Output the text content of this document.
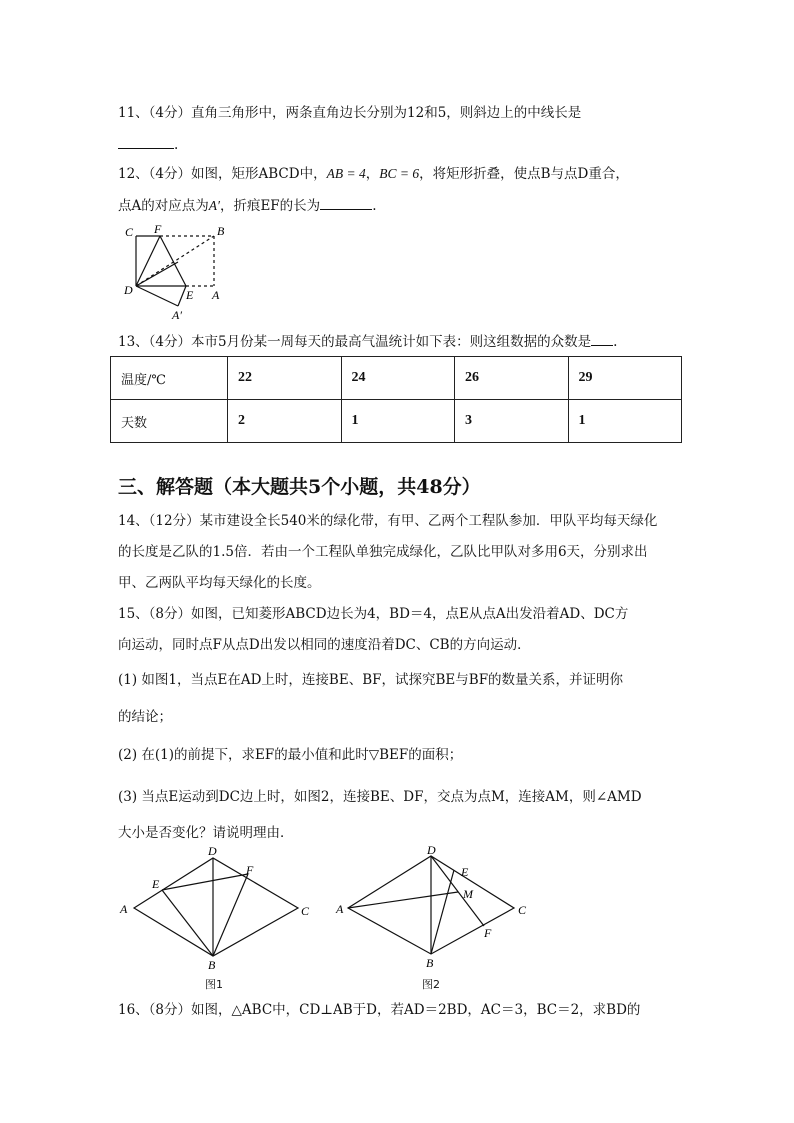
11、（4分）直角三角形中，两条直角边长分别为12和5，则斜边上的中线长是
.
12、（4分）如图，矩形ABCD中，AB = 4，BC = 6，将矩形折叠，使点B与点D重合，
点A的对应点为A′，折痕EF的长为	.
C F	B
D	E A
A′
13、（4分）本市5月份某一周每天的最高气温统计如下表：则这组数据的众数是 .
温度/℃	22	24	26	29
天数	2	1	3	1
三、解答题（本大题共5个小题，共48分）
14、（12分）某市建设全长540米的绿化带，有甲、乙两个工程队参加．甲队平均每天绿化
的长度是乙队的1.5倍．若由一个工程队单独完成绿化，乙队比甲队对多用6天，分别求出
甲、乙两队平均每天绿化的长度。
15、（8分）如图，已知菱形ABCD边长为4，BD＝4，点E从点A出发沿着AD、DC方
向运动，同时点F从点D出发以相同的速度沿着DC、CB的方向运动．
(1) 如图1，当点E在AD上时，连接BE、BF，试探究BE与BF的数量关系，并证明你
的结论；
(2) 在(1)的前提下，求EF的最小值和此时▽BEF的面积；
(3) 当点E运动到DC边上时，如图2，连接BE、DF，交点为点M，连接AM，则∠AMD
大小是否变化？请说明理由．
D
E
F
A	C
B
图1
D
E
M
A	C
F
B
图2
16、（8分）如图，△ABC中，CD⊥AB于D，若AD＝2BD，AC＝3，BC＝2，求BD的
